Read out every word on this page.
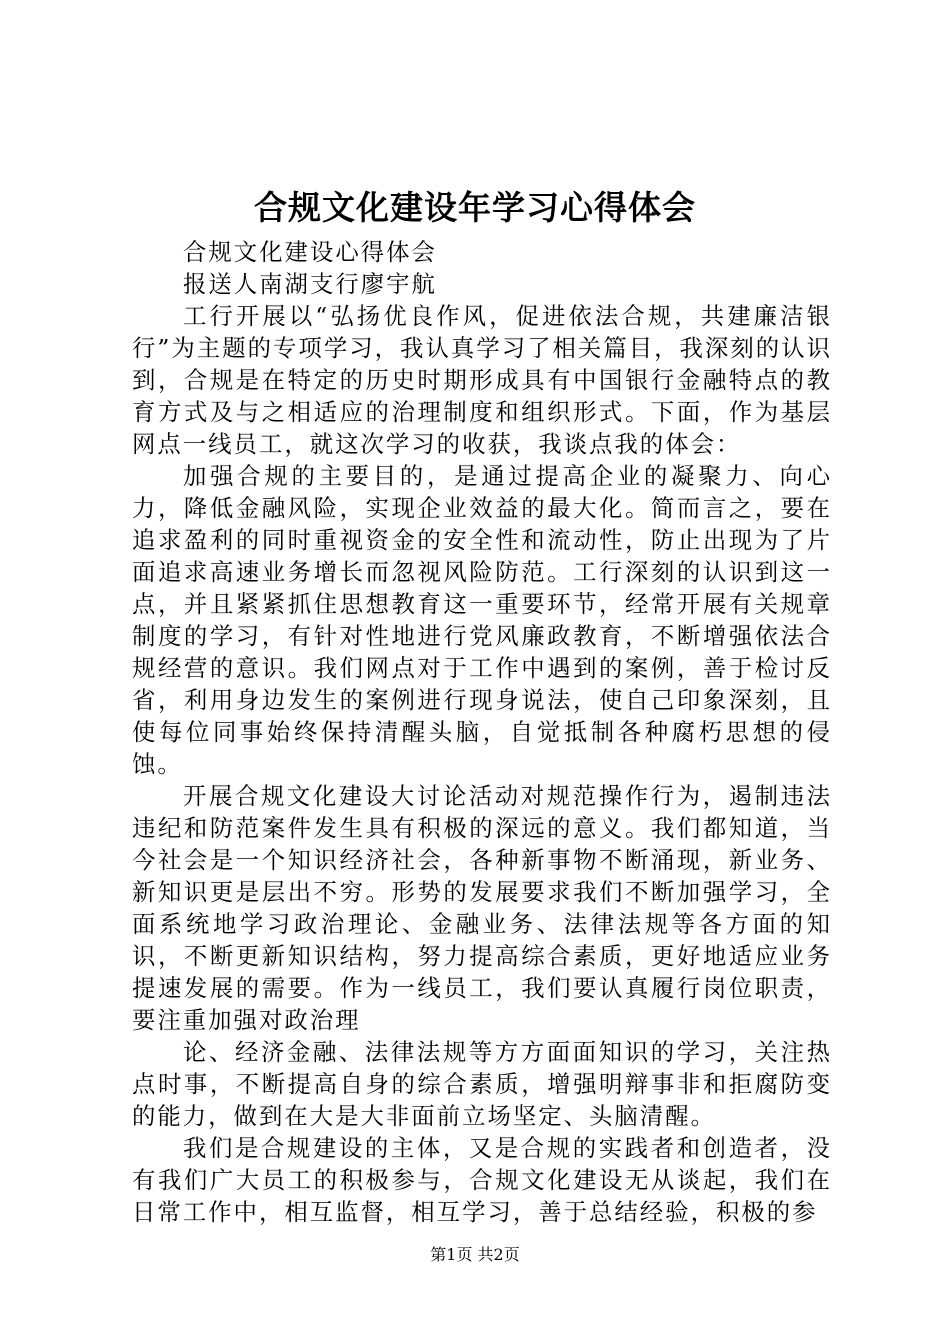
合规文化建设年学习心得体会

合规文化建设心得体会

报送人南湖支行廖宇航

工行开展以“弘扬优良作风，促进依法合规，共建廉洁银行”为主题的专项学习，我认真学习了相关篇目，我深刻的认识到，合规是在特定的历史时期形成具有中国银行金融特点的教育方式及与之相适应的治理制度和组织形式。下面，作为基层网点一线员工，就这次学习的收获，我谈点我的体会：

加强合规的主要目的，是通过提高企业的凝聚力、向心力，降低金融风险，实现企业效益的最大化。简而言之，要在追求盈利的同时重视资金的安全性和流动性，防止出现为了片面追求高速业务增长而忽视风险防范。工行深刻的认识到这一点，并且紧紧抓住思想教育这一重要环节，经常开展有关规章制度的学习，有针对性地进行党风廉政教育，不断增强依法合规经营的意识。我们网点对于工作中遇到的案例，善于检讨反省，利用身边发生的案例进行现身说法，使自己印象深刻，且使每位同事始终保持清醒头脑，自觉抵制各种腐朽思想的侵蚀。

开展合规文化建设大讨论活动对规范操作行为，遏制违法违纪和防范案件发生具有积极的深远的意义。我们都知道，当今社会是一个知识经济社会，各种新事物不断涌现，新业务、新知识更是层出不穷。形势的发展要求我们不断加强学习，全面系统地学习政治理论、金融业务、法律法规等各方面的知识，不断更新知识结构，努力提高综合素质，更好地适应业务提速发展的需要。作为一线员工，我们要认真履行岗位职责，要注重加强对政治理

论、经济金融、法律法规等方方面面知识的学习，关注热点时事，不断提高自身的综合素质，增强明辩事非和拒腐防变的能力，做到在大是大非面前立场坚定、头脑清醒。

我们是合规建设的主体，又是合规的实践者和创造者，没有我们广大员工的积极参与，合规文化建设无从谈起，我们在日常工作中，相互监督，相互学习，善于总结经验，积极的参

第1页 共2页
